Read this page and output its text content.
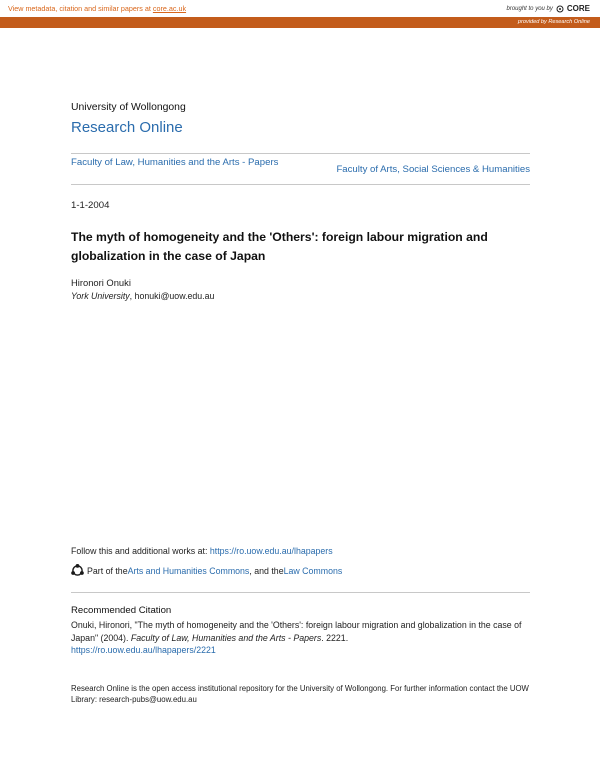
View metadata, citation and similar papers at core.ac.uk	brought to you by CORE
provided by Research Online
University of Wollongong
Research Online
Faculty of Law, Humanities and the Arts - Papers
Faculty of Arts, Social Sciences & Humanities
1-1-2004
The myth of homogeneity and the 'Others': foreign labour migration and globalization in the case of Japan
Hironori Onuki
York University, honuki@uow.edu.au
Follow this and additional works at: https://ro.uow.edu.au/lhapapers
Part of the Arts and Humanities Commons , and the Law Commons
Recommended Citation
Onuki, Hironori, "The myth of homogeneity and the 'Others': foreign labour migration and globalization in the case of Japan" (2004). Faculty of Law, Humanities and the Arts - Papers. 2221.
https://ro.uow.edu.au/lhapapers/2221
Research Online is the open access institutional repository for the University of Wollongong. For further information contact the UOW Library: research-pubs@uow.edu.au
